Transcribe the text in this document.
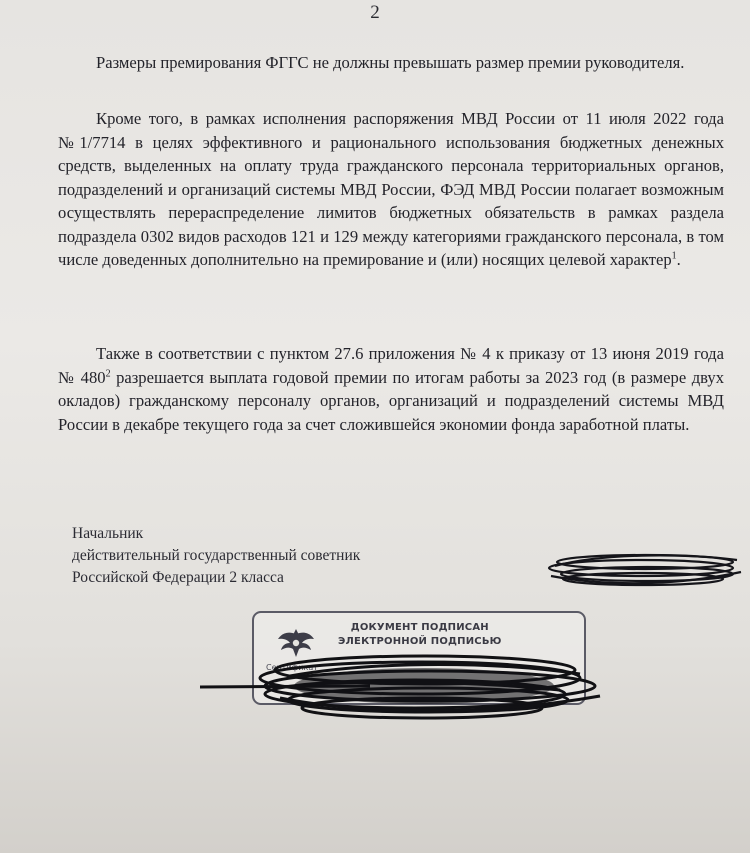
2

Размеры премирования ФГГС не должны превышать размер премии руководителя.

Кроме того, в рамках исполнения распоряжения МВД России от 11 июля 2022 года №1/7714 в целях эффективного и рационального использования бюджетных денежных средств, выделенных на оплату труда гражданского персонала территориальных органов, подразделений и организаций системы МВД России, ФЭД МВД России полагает возможным осуществлять перераспределение лимитов бюджетных обязательств в рамках раздела подраздела 0302 видов расходов 121 и 129 между категориями гражданского персонала, в том числе доведенных дополнительно на премирование и (или) носящих целевой характер$^1$.

Также в соответствии с пунктом 27.6 приложения № 4 к приказу от 13 июня 2019 года № $480^2$ разрешается выплата годовой премии по итогам работы за 2023 год (в размере двух окладов) гражданскому персоналу органов, организаций и подразделений системы МВД России в декабре текущего года за счет сложившейся экономии фонда заработной платы.

Начальник
действительный государственный советник
Российской Федерации 2 класса
ДОКУМЕНТ ПОДПИСАН
ЭЛЕКТРОННОЙ ПОДПИСЬЮ
Сертификат
